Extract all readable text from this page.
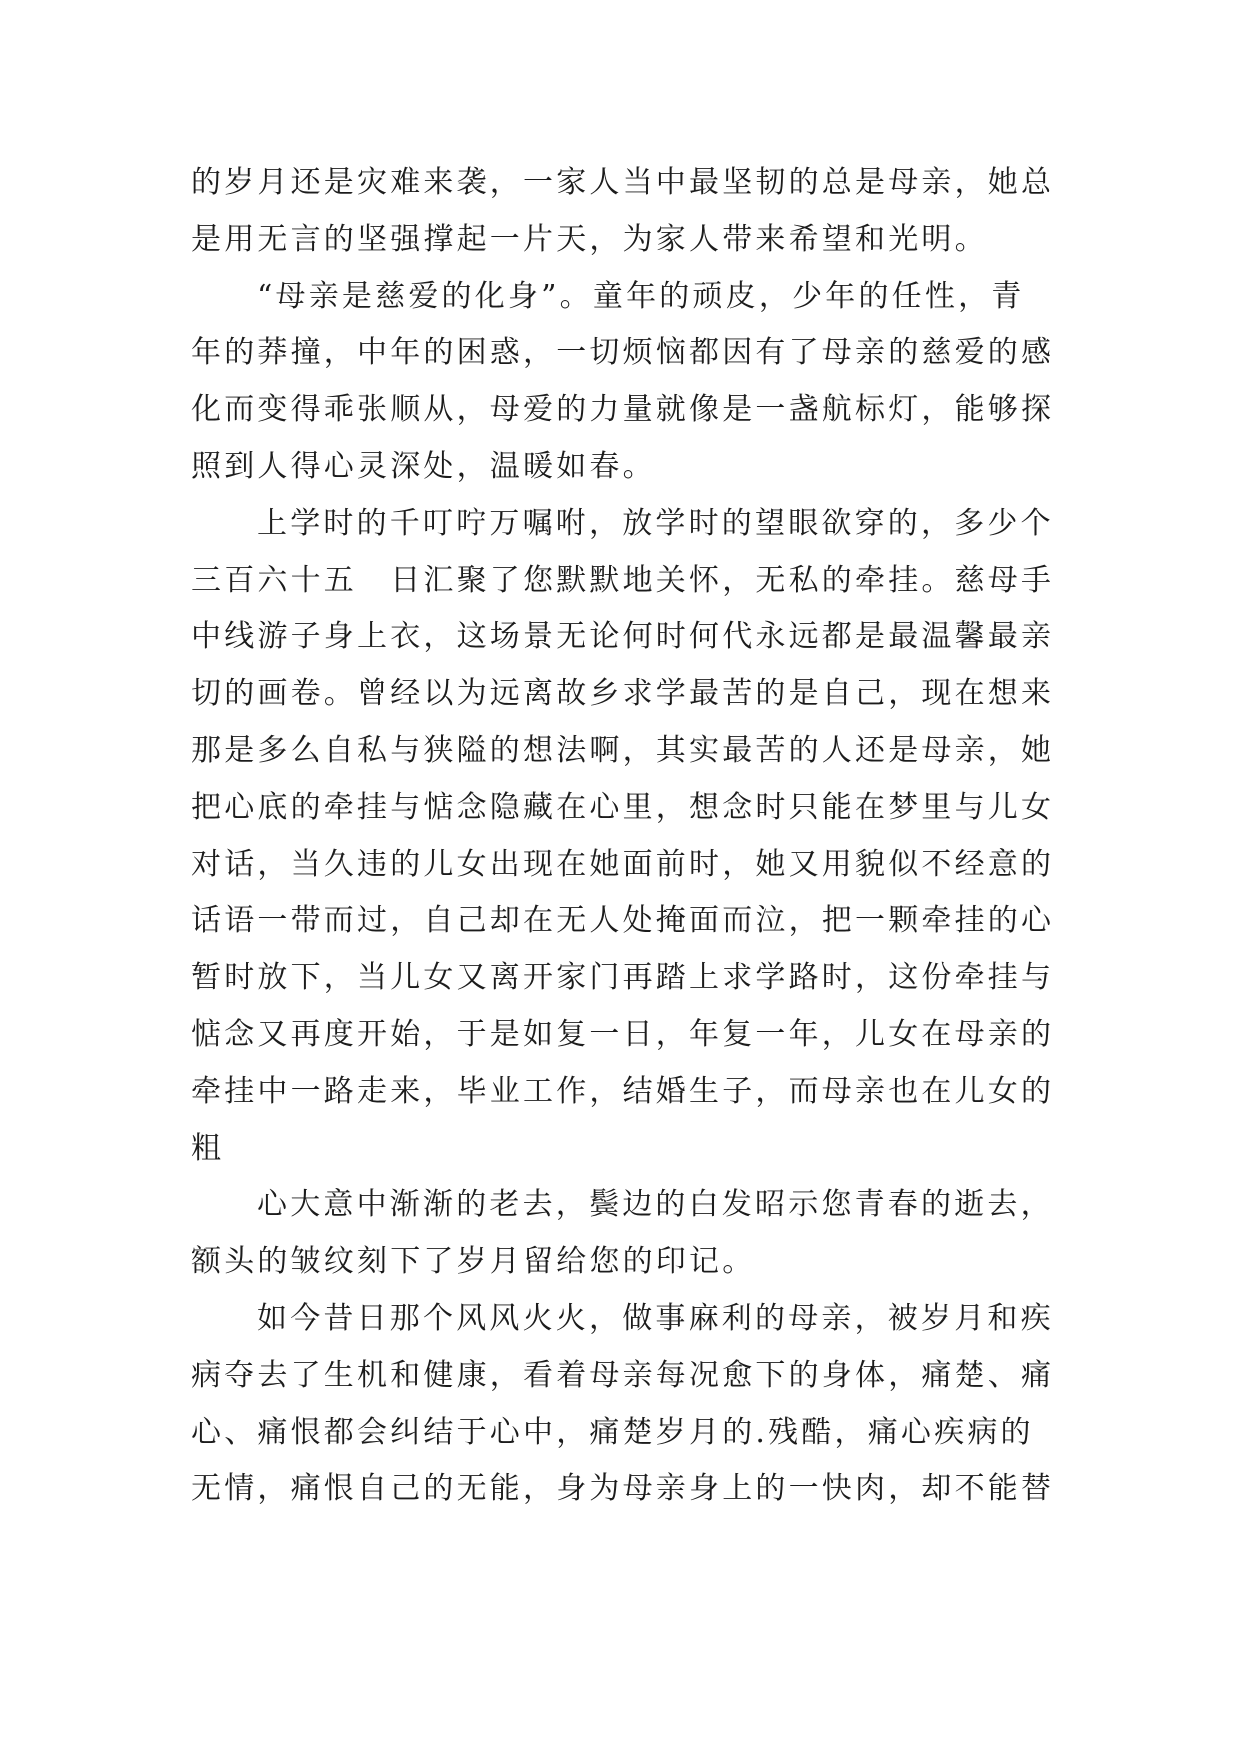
的岁月还是灾难来袭，一家人当中最坚韧的总是母亲，她总
是用无言的坚强撑起一片天，为家人带来希望和光明。
“母亲是慈爱的化身”。童年的顽皮，少年的任性，青
年的莽撞，中年的困惑，一切烦恼都因有了母亲的慈爱的感
化而变得乖张顺从，母爱的力量就像是一盏航标灯，能够探
照到人得心灵深处，温暖如春。
上学时的千叮咛万嘱咐，放学时的望眼欲穿的，多少个
三百六十五　日汇聚了您默默地关怀，无私的牵挂。慈母手
中线游子身上衣，这场景无论何时何代永远都是最温馨最亲
切的画卷。曾经以为远离故乡求学最苦的是自己，现在想来
那是多么自私与狭隘的想法啊，其实最苦的人还是母亲，她
把心底的牵挂与惦念隐藏在心里，想念时只能在梦里与儿女
对话，当久违的儿女出现在她面前时，她又用貌似不经意的
话语一带而过，自己却在无人处掩面而泣，把一颗牵挂的心
暂时放下，当儿女又离开家门再踏上求学路时，这份牵挂与
惦念又再度开始，于是如复一日，年复一年，儿女在母亲的
牵挂中一路走来，毕业工作，结婚生子，而母亲也在儿女的
粗
心大意中渐渐的老去，鬓边的白发昭示您青春的逝去，
额头的皱纹刻下了岁月留给您的印记。
如今昔日那个风风火火，做事麻利的母亲，被岁月和疾
病夺去了生机和健康，看着母亲每况愈下的身体，痛楚、痛
心、痛恨都会纠结于心中，痛楚岁月的.残酷，痛心疾病的
无情，痛恨自己的无能，身为母亲身上的一快肉，却不能替
